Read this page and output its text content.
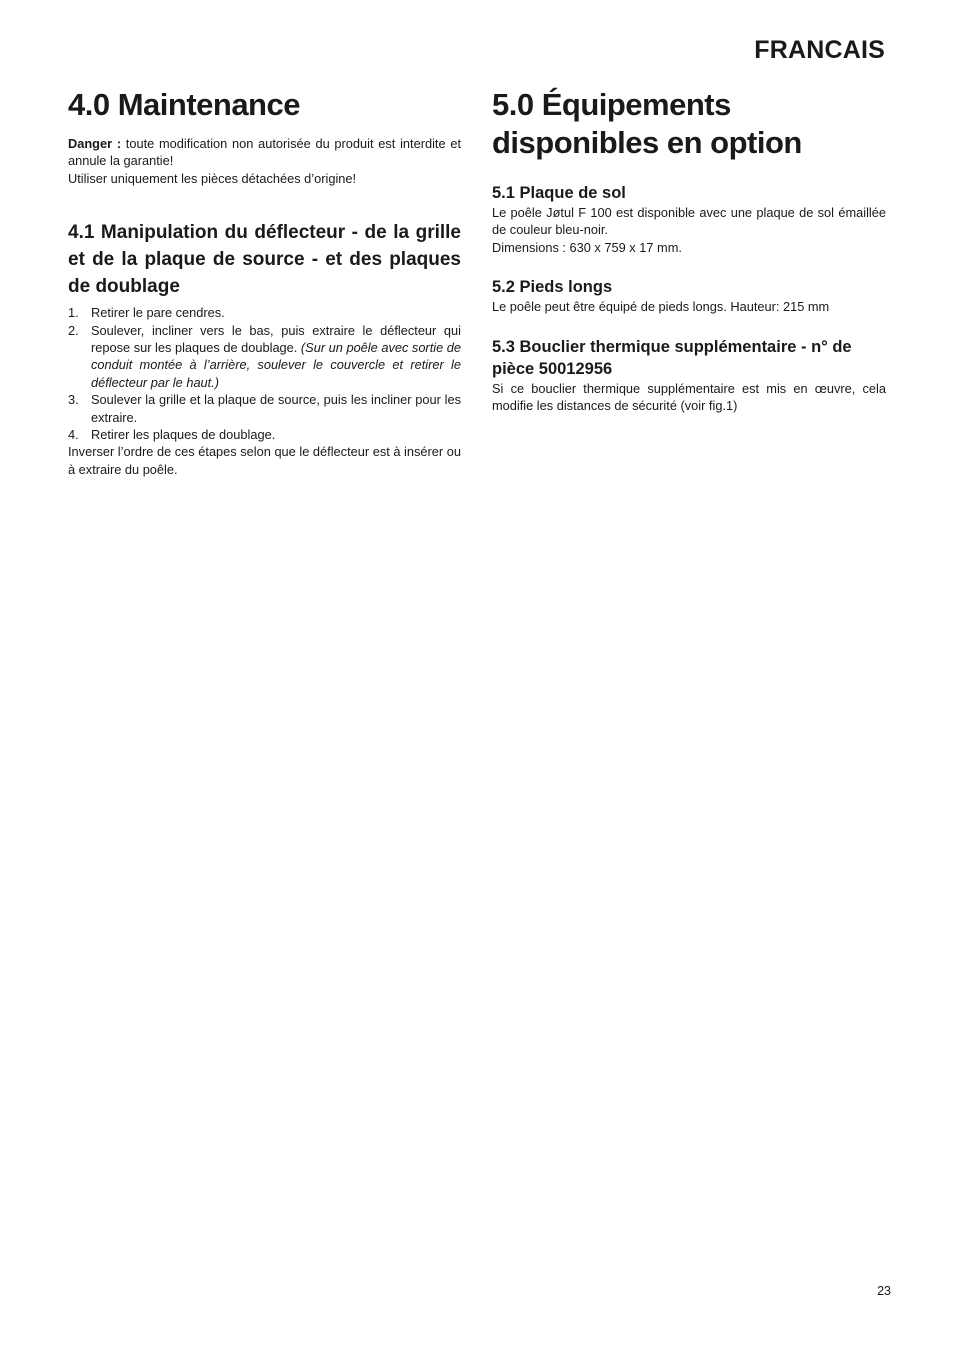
FRANCAIS
4.0 Maintenance

Danger : toute modification non autorisée du produit est interdite et annule la garantie!

Utiliser uniquement les pièces détachées d’origine!

4.1 Manipulation du déflecteur - de la grille et de la plaque de source - et des plaques de doublage
1. Retirer le pare cendres.
2. Soulever, incliner vers le bas, puis extraire le déflecteur qui repose sur les plaques de doublage. (Sur un poêle avec sortie de conduit montée à l’arrière, soulever le couvercle et retirer le déflecteur par le haut.)
3. Soulever la grille et la plaque de source, puis les incliner pour les extraire.
4. Retirer les plaques de doublage.

Inverser l’ordre de ces étapes selon que le déflecteur est à insérer ou à extraire du poêle.

5.0 Équipements disponibles en option
5.1 Plaque de sol

Le poêle Jøtul F 100 est disponible avec une plaque de sol émaillée de couleur bleu-noir.

Dimensions : 630 x 759 x 17 mm.

5.2 Pieds longs

Le poêle peut être équipé de pieds longs. Hauteur: 215 mm

5.3 Bouclier thermique supplémentaire - n° de pièce 50012956

Si ce bouclier thermique supplémentaire est mis en œuvre, cela modifie les distances de sécurité (voir fig.1)

23
